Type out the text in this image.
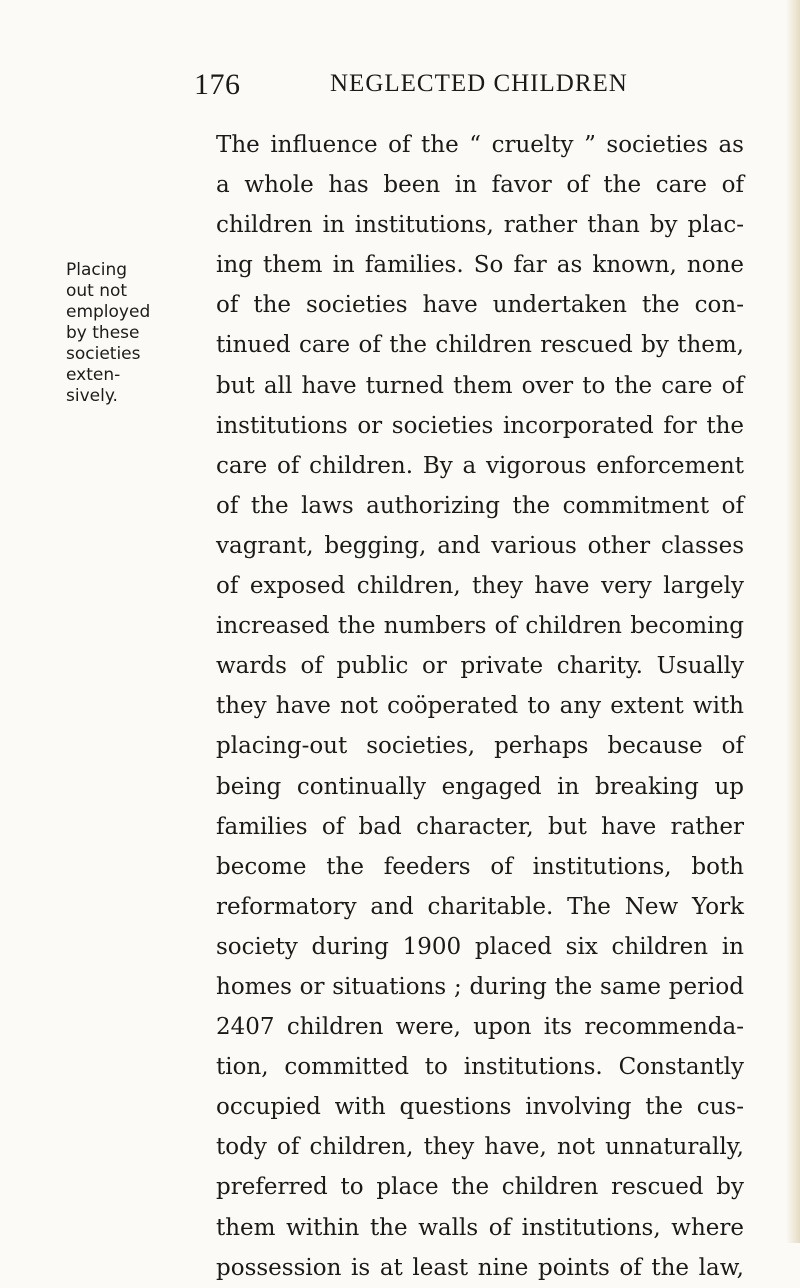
176	NEGLECTED CHILDREN
Placing
out not
employed
by these
societies
exten-
sively.
The influence of the “ cruelty ” societies as
a whole has been in favor of the care of
children in institutions, rather than by plac-
ing them in families. So far as known, none
of the societies have undertaken the con-
tinued care of the children rescued by them,
but all have turned them over to the care of
institutions or societies incorporated for the
care of children. By a vigorous enforcement
of the laws authorizing the commitment of
vagrant, begging, and various other classes
of exposed children, they have very largely
increased the numbers of children becoming
wards of public or private charity. Usually
they have not coöperated to any extent with
placing-out societies, perhaps because of
being continually engaged in breaking up
families of bad character, but have rather
become the feeders of institutions, both
reformatory and charitable. The New York
society during 1900 placed six children in
homes or situations ; during the same period
2407 children were, upon its recommenda-
tion, committed to institutions. Constantly
occupied with questions involving the cus-
tody of children, they have, not unnaturally,
preferred to place the children rescued by
them within the walls of institutions, where
possession is at least nine points of the law,
